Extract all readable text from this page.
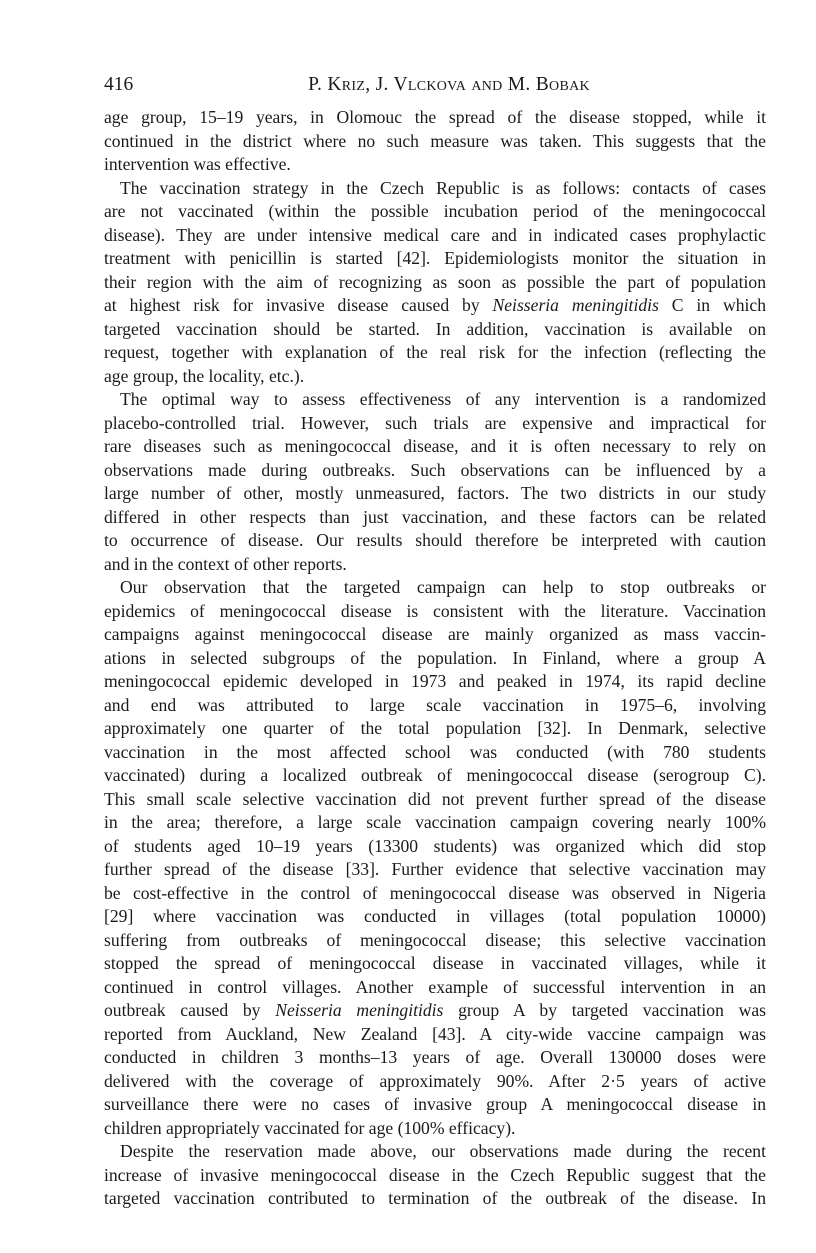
416	P. Kriz, J. Vlckova and M. Bobak
age group, 15–19 years, in Olomouc the spread of the disease stopped, while it
continued in the district where no such measure was taken. This suggests that the
intervention was effective.
The vaccination strategy in the Czech Republic is as follows: contacts of cases
are not vaccinated (within the possible incubation period of the meningococcal
disease). They are under intensive medical care and in indicated cases prophylactic
treatment with penicillin is started [42]. Epidemiologists monitor the situation in
their region with the aim of recognizing as soon as possible the part of population
at highest risk for invasive disease caused by Neisseria meningitidis C in which
targeted vaccination should be started. In addition, vaccination is available on
request, together with explanation of the real risk for the infection (reflecting the
age group, the locality, etc.).
The optimal way to assess effectiveness of any intervention is a randomized
placebo-controlled trial. However, such trials are expensive and impractical for
rare diseases such as meningococcal disease, and it is often necessary to rely on
observations made during outbreaks. Such observations can be influenced by a
large number of other, mostly unmeasured, factors. The two districts in our study
differed in other respects than just vaccination, and these factors can be related
to occurrence of disease. Our results should therefore be interpreted with caution
and in the context of other reports.
Our observation that the targeted campaign can help to stop outbreaks or
epidemics of meningococcal disease is consistent with the literature. Vaccination
campaigns against meningococcal disease are mainly organized as mass vaccin-
ations in selected subgroups of the population. In Finland, where a group A
meningococcal epidemic developed in 1973 and peaked in 1974, its rapid decline
and end was attributed to large scale vaccination in 1975–6, involving
approximately one quarter of the total population [32]. In Denmark, selective
vaccination in the most affected school was conducted (with 780 students
vaccinated) during a localized outbreak of meningococcal disease (serogroup C).
This small scale selective vaccination did not prevent further spread of the disease
in the area; therefore, a large scale vaccination campaign covering nearly 100%
of students aged 10–19 years (13300 students) was organized which did stop
further spread of the disease [33]. Further evidence that selective vaccination may
be cost-effective in the control of meningococcal disease was observed in Nigeria
[29] where vaccination was conducted in villages (total population 10000)
suffering from outbreaks of meningococcal disease; this selective vaccination
stopped the spread of meningococcal disease in vaccinated villages, while it
continued in control villages. Another example of successful intervention in an
outbreak caused by Neisseria meningitidis group A by targeted vaccination was
reported from Auckland, New Zealand [43]. A city-wide vaccine campaign was
conducted in children 3 months–13 years of age. Overall 130000 doses were
delivered with the coverage of approximately 90%. After 2·5 years of active
surveillance there were no cases of invasive group A meningococcal disease in
children appropriately vaccinated for age (100% efficacy).
Despite the reservation made above, our observations made during the recent
increase of invasive meningococcal disease in the Czech Republic suggest that the
targeted vaccination contributed to termination of the outbreak of the disease. In
